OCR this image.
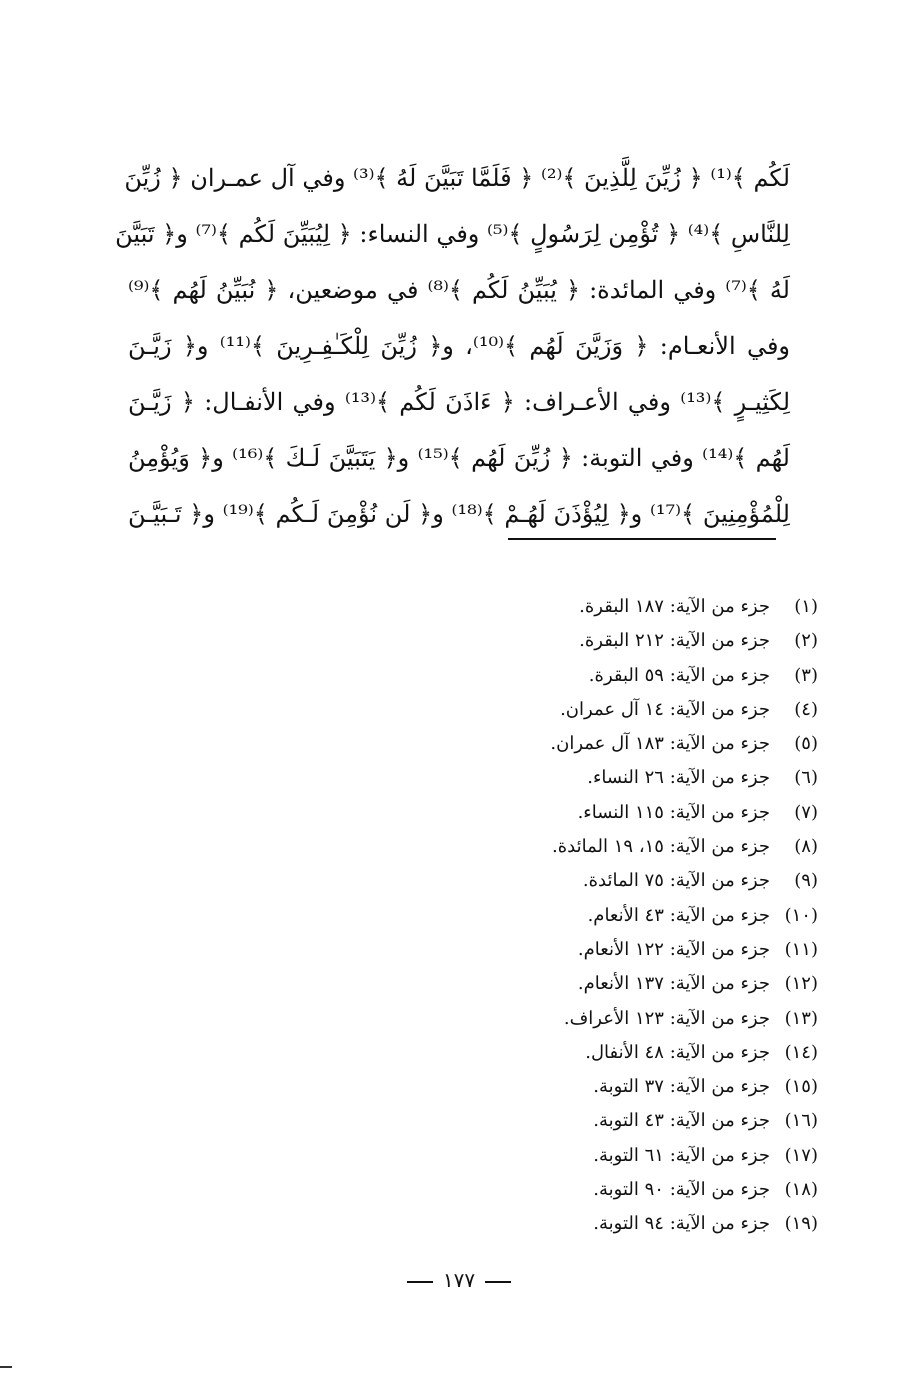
لَكُم ﴾⁽¹⁾ ﴿ زُيِّنَ لِلَّذِينَ ﴾⁽²⁾ ﴿ فَلَمَّا تَبَيَّنَ لَهُ ﴾⁽³⁾ وفي آل عمـران ﴿ زُيِّنَ
لِلنَّاسِ ﴾⁽⁴⁾ ﴿ تُؤْمِن لِرَسُولٍ ﴾⁽⁵⁾ وفي النساء: ﴿ لِيُبَيِّنَ لَكُم ﴾⁽⁷⁾ و﴿ تَبَيَّنَ
لَهُ ﴾⁽⁷⁾ وفي المائدة: ﴿ يُبَيِّنُ لَكُم ﴾⁽⁸⁾ في موضعين، ﴿ نُبَيِّنُ لَهُم ﴾⁽⁹⁾
وفي الأنعـام: ﴿ وَزَيَّنَ لَهُم ﴾⁽¹⁰⁾، و﴿ زُيِّنَ لِلْكَـٰفِـرِينَ ﴾⁽¹¹⁾ و﴿ زَيَّـنَ
لِكَثِيـرٍ ﴾⁽¹³⁾ وفي الأعـراف: ﴿ ءَاذَنَ لَكُم ﴾⁽¹³⁾ وفي الأنفـال: ﴿ زَيَّـنَ
لَهُم ﴾⁽¹⁴⁾ وفي التوبة: ﴿ زُيِّنَ لَهُم ﴾⁽¹⁵⁾ و﴿ يَتَبَيَّنَ لَـكَ ﴾⁽¹⁶⁾ و﴿ وَيُؤْمِنُ
لِلْمُؤْمِنِينَ ﴾⁽¹⁷⁾ و﴿ لِيُؤْذَنَ لَهُـمْ ﴾⁽¹⁸⁾ و﴿ لَن نُؤْمِنَ لَـكُم ﴾⁽¹⁹⁾ و﴿ تَـبَيَّـنَ
(١)جزء من الآية: ١٨٧ البقرة.
(٢)جزء من الآية: ٢١٢ البقرة.
(٣)جزء من الآية: ٥٩ البقرة.
(٤)جزء من الآية: ١٤ آل عمران.
(٥)جزء من الآية: ١٨٣ آل عمران.
(٦)جزء من الآية: ٢٦ النساء.
(٧)جزء من الآية: ١١٥ النساء.
(٨)جزء من الآية: ١٥، ١٩ المائدة.
(٩)جزء من الآية: ٧٥ المائدة.
(١٠)جزء من الآية: ٤٣ الأنعام.
(١١)جزء من الآية: ١٢٢ الأنعام.
(١٢)جزء من الآية: ١٣٧ الأنعام.
(١٣)جزء من الآية: ١٢٣ الأعراف.
(١٤)جزء من الآية: ٤٨ الأنفال.
(١٥)جزء من الآية: ٣٧ التوبة.
(١٦)جزء من الآية: ٤٣ التوبة.
(١٧)جزء من الآية: ٦١ التوبة.
(١٨)جزء من الآية: ٩٠ التوبة.
(١٩)جزء من الآية: ٩٤ التوبة.
١٧٧
